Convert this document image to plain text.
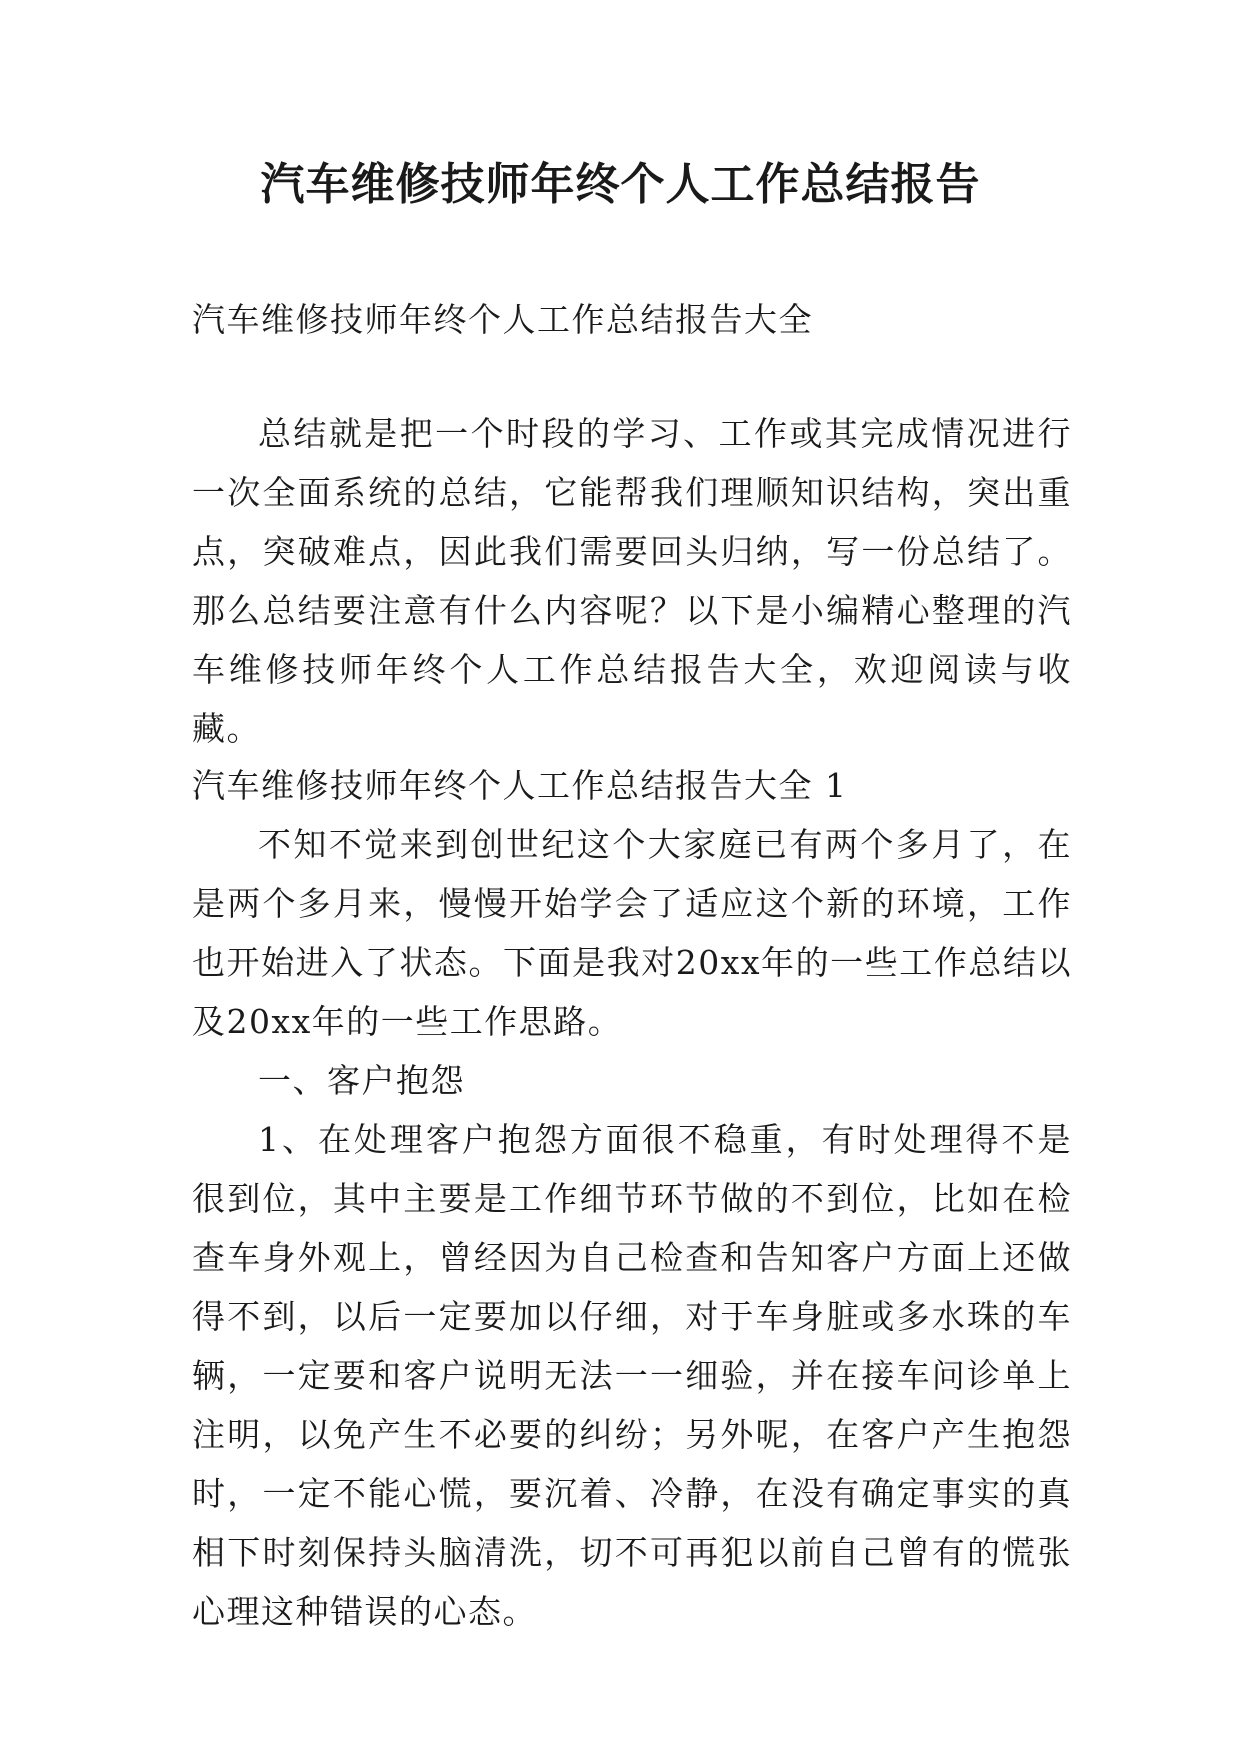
汽车维修技师年终个人工作总结报告
汽车维修技师年终个人工作总结报告大全

总结就是把一个时段的学习、工作或其完成情况进行一次全面系统的总结，它能帮我们理顺知识结构，突出重点，突破难点，因此我们需要回头归纳，写一份总结了。那么总结要注意有什么内容呢？以下是小编精心整理的汽车维修技师年终个人工作总结报告大全，欢迎阅读与收藏。

汽车维修技师年终个人工作总结报告大全 1

不知不觉来到创世纪这个大家庭已有两个多月了，在是两个多月来，慢慢开始学会了适应这个新的环境，工作也开始进入了状态。下面是我对20xx年的一些工作总结以及20xx年的一些工作思路。

一、客户抱怨

1、在处理客户抱怨方面很不稳重，有时处理得不是很到位，其中主要是工作细节环节做的不到位，比如在检查车身外观上，曾经因为自己检查和告知客户方面上还做得不到，以后一定要加以仔细，对于车身脏或多水珠的车辆，一定要和客户说明无法一一细验，并在接车问诊单上注明，以免产生不必要的纠纷；另外呢，在客户产生抱怨时，一定不能心慌，要沉着、冷静，在没有确定事实的真相下时刻保持头脑清洗，切不可再犯以前自己曾有的慌张心理这种错误的心态。
